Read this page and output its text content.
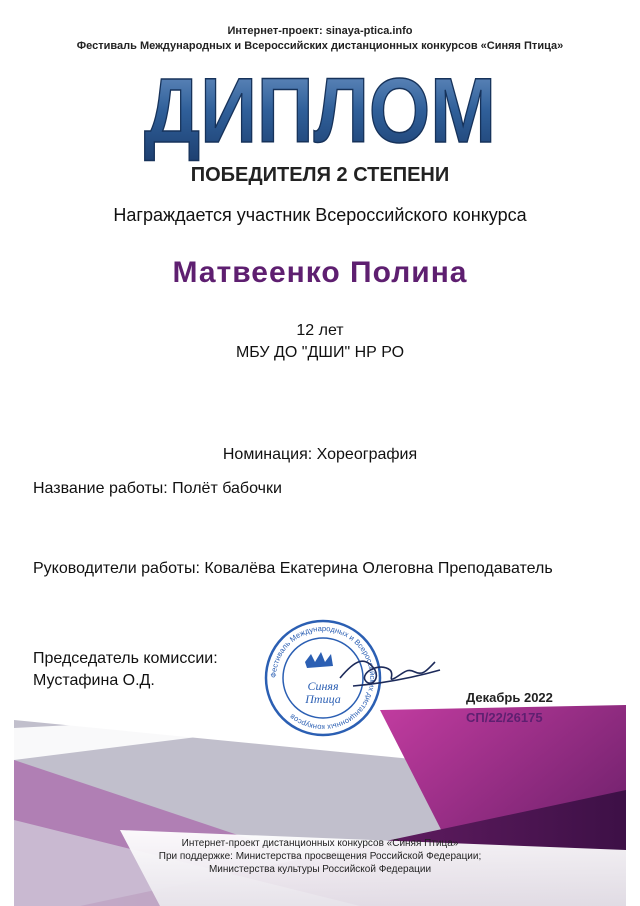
Интернет-проект: sinaya-ptica.info
Фестиваль Международных и Всероссийских дистанционных конкурсов «Синяя Птица»
ДИПЛОМ
ПОБЕДИТЕЛЯ 2 СТЕПЕНИ
Награждается участник Всероссийского конкурса
Матвеенко Полина
12 лет
МБУ ДО "ДШИ" НР РО
Номинация: Хореография
Название работы: Полёт бабочки
Руководители работы: Ковалёва Екатерина Олеговна Преподаватель
Председатель комиссии:
Мустафина О.Д.	Фестиваль Международных и Всероссийских дистанционных конкурсов
Синяя
Птица	Декабрь 2022
СП/22/26175
Интернет-проект дистанционных конкурсов «Синяя Птица»
При поддержке: Министерства просвещения Российской Федерации;
Министерства культуры Российской Федерации
